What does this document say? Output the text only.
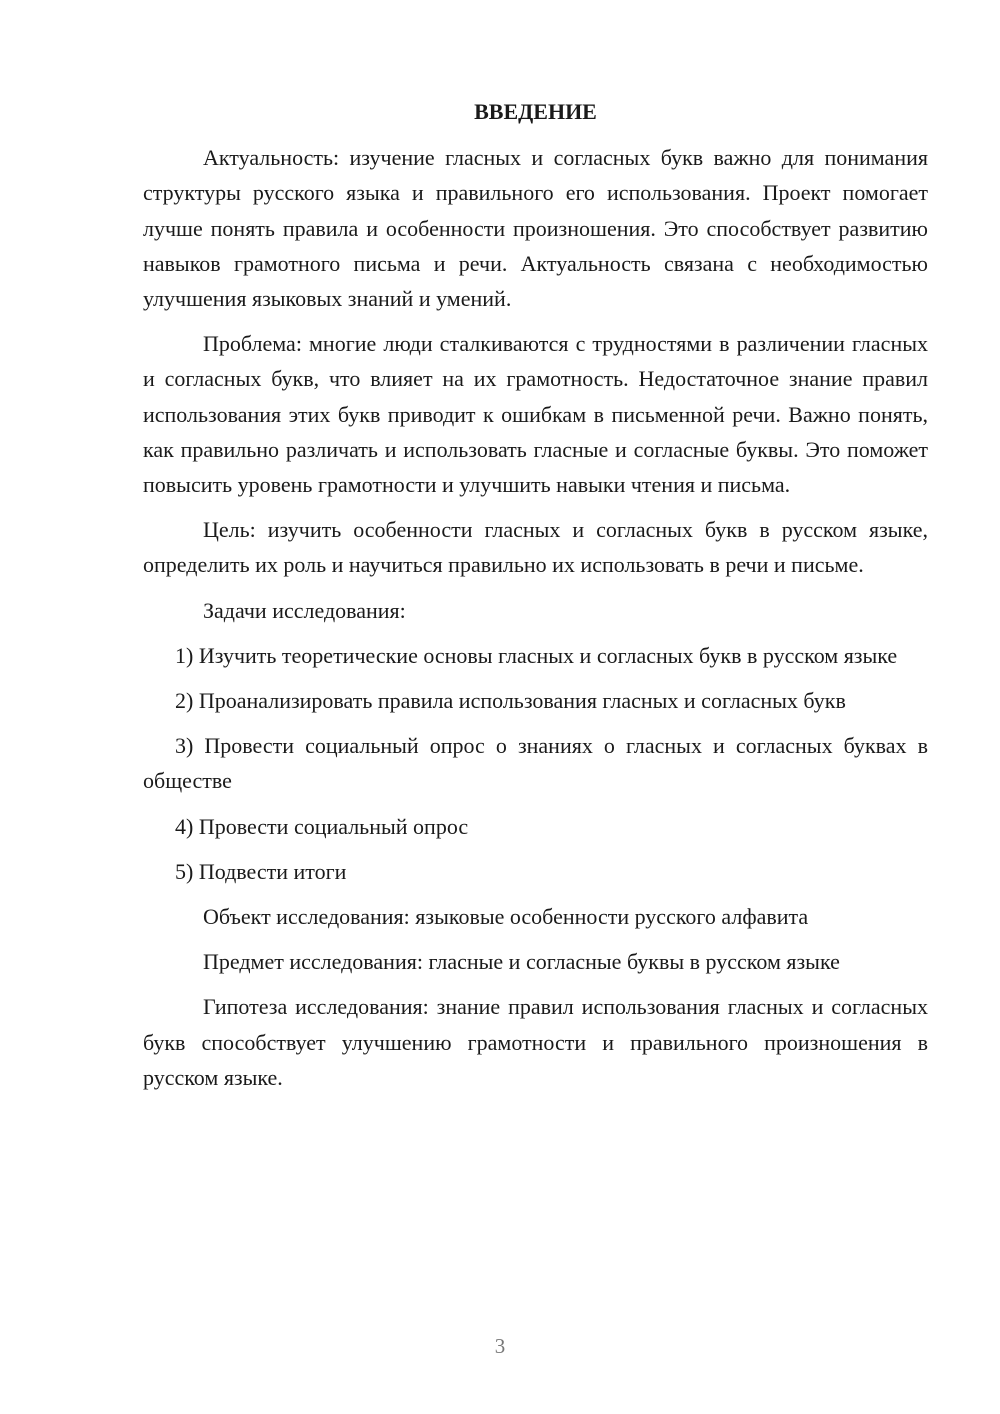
ВВЕДЕНИЕ

Актуальность: изучение гласных и согласных букв важно для понимания структуры русского языка и правильного его использования. Проект помогает лучше понять правила и особенности произношения. Это способствует развитию навыков грамотного письма и речи. Актуальность связана с необходимостью улучшения языковых знаний и умений.

Проблема: многие люди сталкиваются с трудностями в различении гласных и согласных букв, что влияет на их грамотность. Недостаточное знание правил использования этих букв приводит к ошибкам в письменной речи. Важно понять, как правильно различать и использовать гласные и согласные буквы. Это поможет повысить уровень грамотности и улучшить навыки чтения и письма.

Цель: изучить особенности гласных и согласных букв в русском языке, определить их роль и научиться правильно их использовать в речи и письме.

Задачи исследования:

1) Изучить теоретические основы гласных и согласных букв в русском языке

2) Проанализировать правила использования гласных и согласных букв

3) Провести социальный опрос о знаниях о гласных и согласных буквах в обществе

4) Провести социальный опрос

5) Подвести итоги

Объект исследования: языковые особенности русского алфавита

Предмет исследования: гласные и согласные буквы в русском языке

Гипотеза исследования: знание правил использования гласных и согласных букв способствует улучшению грамотности и правильного произношения в русском языке.

3
